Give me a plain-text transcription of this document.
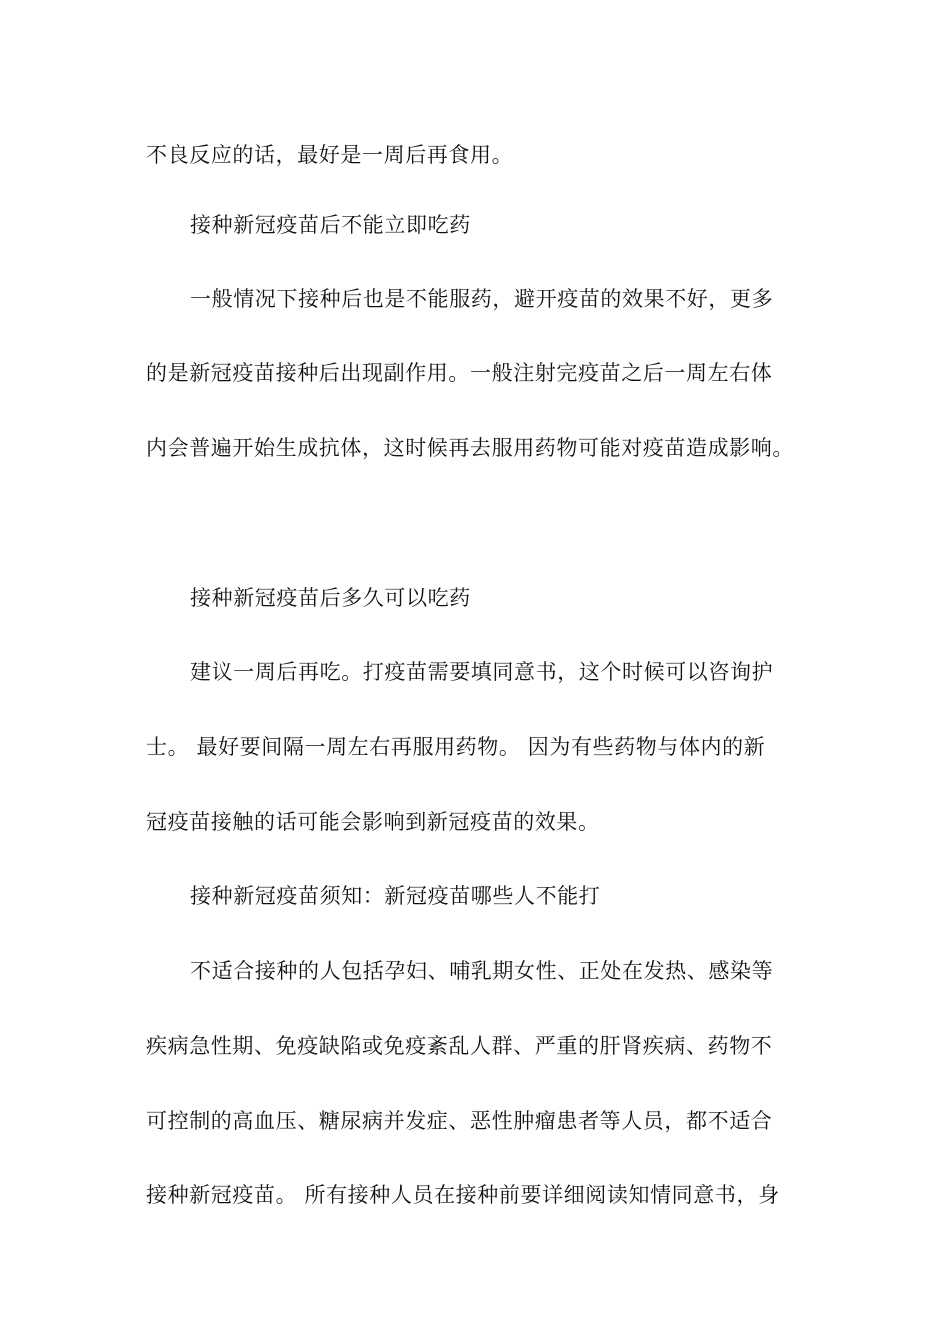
不良反应的话，最好是一周后再食用。

接种新冠疫苗后不能立即吃药

一般情况下接种后也是不能服药，避开疫苗的效果不好，更多

的是新冠疫苗接种后出现副作用。一般注射完疫苗之后一周左右体

内会普遍开始生成抗体，这时候再去服用药物可能对疫苗造成影响。

接种新冠疫苗后多久可以吃药

建议一周后再吃。打疫苗需要填同意书，这个时候可以咨询护

士。 最好要间隔一周左右再服用药物。 因为有些药物与体内的新

冠疫苗接触的话可能会影响到新冠疫苗的效果。

接种新冠疫苗须知：新冠疫苗哪些人不能打

不适合接种的人包括孕妇、哺乳期女性、正处在发热、感染等

疾病急性期、免疫缺陷或免疫紊乱人群、严重的肝肾疾病、药物不

可控制的高血压、糖尿病并发症、恶性肿瘤患者等人员，都不适合

接种新冠疫苗。 所有接种人员在接种前要详细阅读知情同意书，身
